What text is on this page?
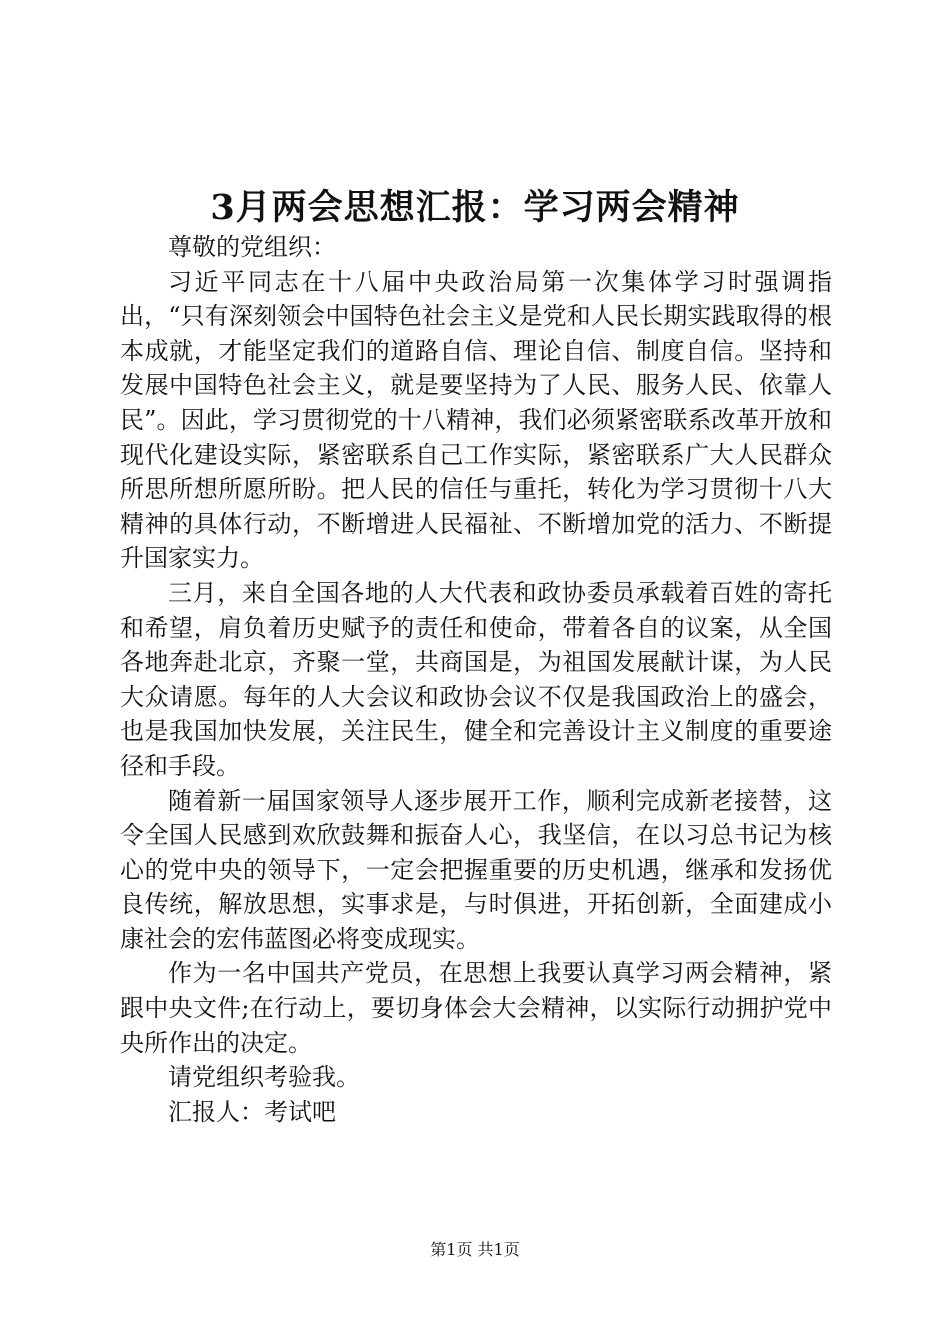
3月两会思想汇报：学习两会精神

尊敬的党组织：

习近平同志在十八届中央政治局第一次集体学习时强调指出，“只有深刻领会中国特色社会主义是党和人民长期实践取得的根本成就，才能坚定我们的道路自信、理论自信、制度自信。坚持和发展中国特色社会主义，就是要坚持为了人民、服务人民、依靠人民”。因此，学习贯彻党的十八精神，我们必须紧密联系改革开放和现代化建设实际，紧密联系自己工作实际，紧密联系广大人民群众所思所想所愿所盼。把人民的信任与重托，转化为学习贯彻十八大精神的具体行动，不断增进人民福祉、不断增加党的活力、不断提升国家实力。

三月，来自全国各地的人大代表和政协委员承载着百姓的寄托和希望，肩负着历史赋予的责任和使命，带着各自的议案，从全国各地奔赴北京，齐聚一堂，共商国是，为祖国发展献计谋，为人民大众请愿。每年的人大会议和政协会议不仅是我国政治上的盛会，也是我国加快发展，关注民生，健全和完善设计主义制度的重要途径和手段。

随着新一届国家领导人逐步展开工作，顺利完成新老接替，这令全国人民感到欢欣鼓舞和振奋人心，我坚信，在以习总书记为核心的党中央的领导下，一定会把握重要的历史机遇，继承和发扬优良传统，解放思想，实事求是，与时俱进，开拓创新，全面建成小康社会的宏伟蓝图必将变成现实。

作为一名中国共产党员，在思想上我要认真学习两会精神，紧跟中央文件;在行动上，要切身体会大会精神，以实际行动拥护党中央所作出的决定。

请党组织考验我。

汇报人：考试吧

第1页 共1页
